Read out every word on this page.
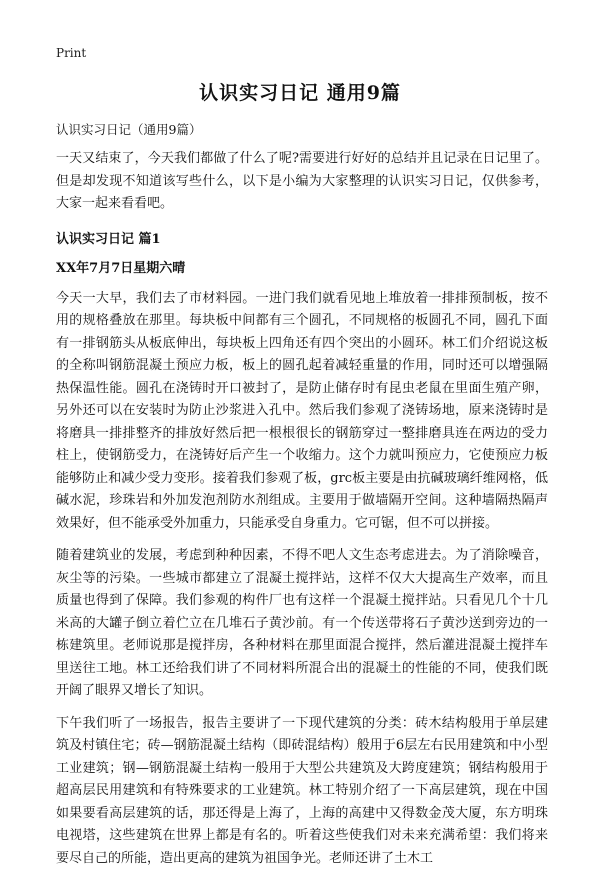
Print
认识实习日记 通用9篇
认识实习日记（通用9篇）

一天又结束了，今天我们都做了什么了呢?需要进行好好的总结并且记录在日记里了。但是却发现不知道该写些什么，以下是小编为大家整理的认识实习日记，仅供参考，大家一起来看看吧。

认识实习日记 篇1
XX年7月7日星期六晴

今天一大早，我们去了市材料园。一进门我们就看见地上堆放着一排排预制板，按不用的规格叠放在那里。每块板中间都有三个圆孔，不同规格的板圆孔不同，圆孔下面有一排钢筋头从板底伸出，每块板上四角还有四个突出的小圆环。林工们介绍说这板的全称叫钢筋混凝土预应力板，板上的圆孔起着减轻重量的作用，同时还可以增强隔热保温性能。圆孔在浇铸时开口被封了，是防止储存时有昆虫老鼠在里面生殖产卵，另外还可以在安装时为防止沙浆进入孔中。然后我们参观了浇铸场地，原来浇铸时是将磨具一排排整齐的排放好然后把一根根很长的钢筋穿过一整排磨具连在两边的受力柱上，使钢筋受力，在浇铸好后产生一个收缩力。这个力就叫预应力，它使预应力板能够防止和减少受力变形。接着我们参观了板，grc板主要是由抗碱玻璃纤维网格，低碱水泥，珍珠岩和外加发泡剂防水剂组成。主要用于做墙隔开空间。这种墙隔热隔声效果好，但不能承受外加重力，只能承受自身重力。它可锯，但不可以拼接。

随着建筑业的发展，考虑到种种因素，不得不吧人文生态考虑进去。为了消除噪音，灰尘等的污染。一些城市都建立了混凝土搅拌站，这样不仅大大提高生产效率，而且质量也得到了保障。我们参观的构件厂也有这样一个混凝土搅拌站。只看见几个十几米高的大罐子倒立着伫立在几堆石子黄沙前。有一个传送带将石子黄沙送到旁边的一栋建筑里。老师说那是搅拌房，各种材料在那里面混合搅拌，然后灌进混凝土搅拌车里送往工地。林工还给我们讲了不同材料所混合出的混凝土的性能的不同，使我们既开阔了眼界又增长了知识。

下午我们听了一场报告，报告主要讲了一下现代建筑的分类：砖木结构般用于单层建筑及村镇住宅；砖—钢筋混凝土结构（即砖混结构）般用于6层左右民用建筑和中小型工业建筑；钢—钢筋混凝土结构一般用于大型公共建筑及大跨度建筑；钢结构般用于超高层民用建筑和有特殊要求的工业建筑。林工特别介绍了一下高层建筑，现在中国如果要看高层建筑的话，那还得是上海了，上海的高建中又得数金茂大厦，东方明珠电视塔，这些建筑在世界上都是有名的。听着这些使我们对未来充满希望：我们将来要尽自己的所能，造出更高的建筑为祖国争光。老师还讲了土木工
